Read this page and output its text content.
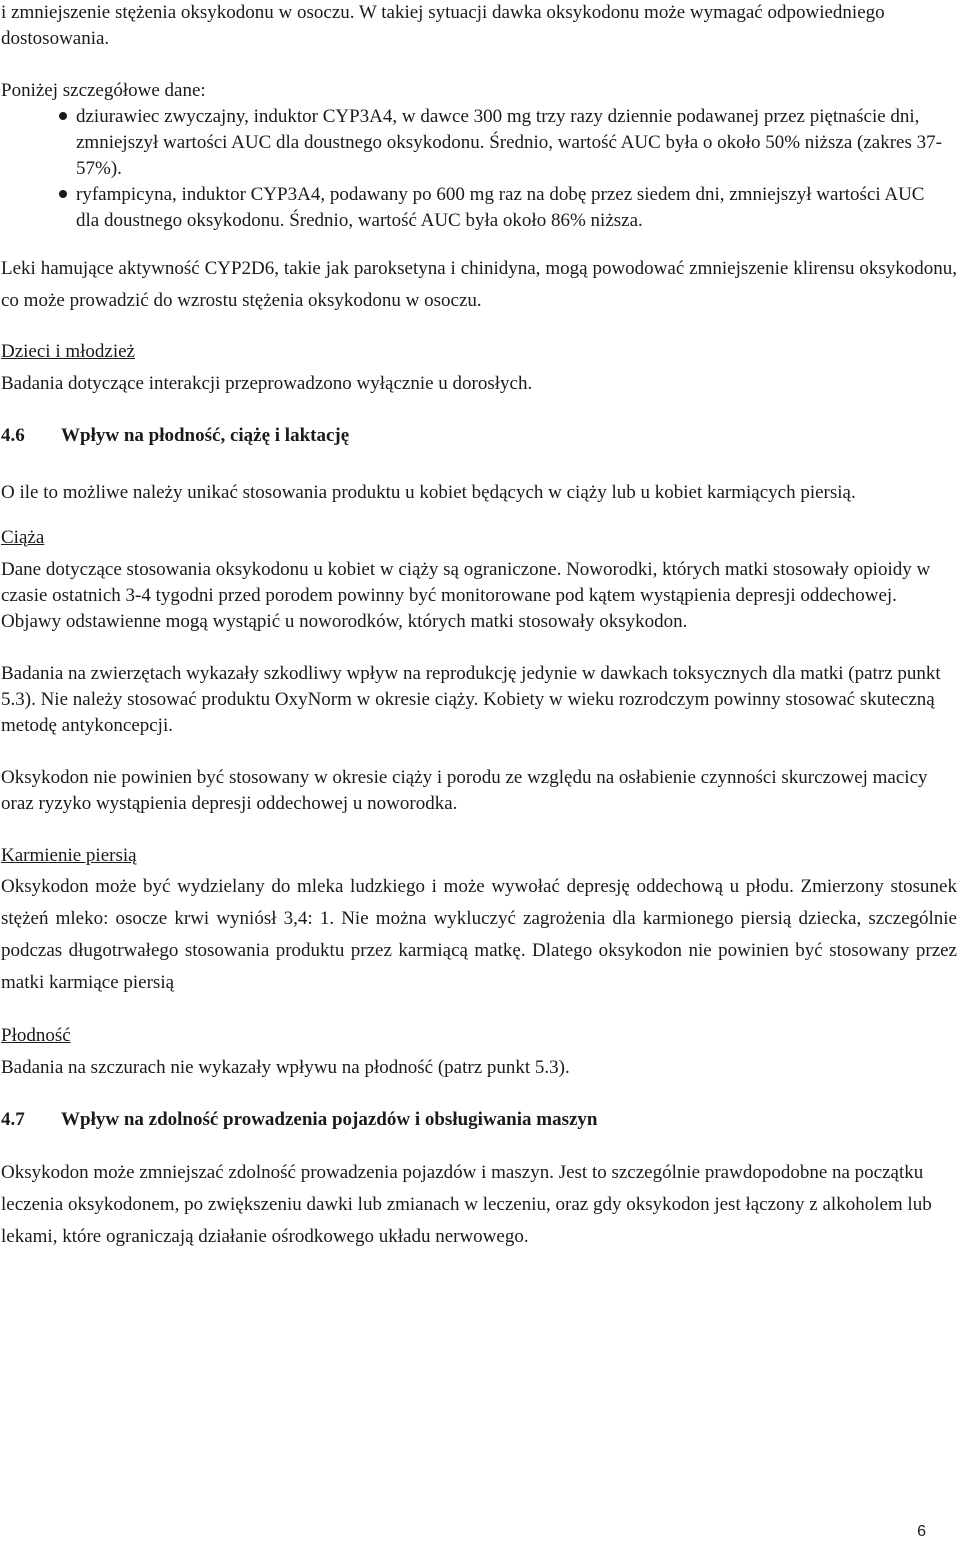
i zmniejszenie stężenia oksykodonu w osoczu. W takiej sytuacji dawka oksykodonu może wymagać odpowiedniego dostosowania.

Poniżej szczegółowe dane:

dziurawiec zwyczajny, induktor CYP3A4, w dawce 300 mg trzy razy dziennie podawanej przez piętnaście dni, zmniejszył wartości AUC dla doustnego oksykodonu. Średnio, wartość AUC była o około 50% niższa (zakres 37-57%).
ryfampicyna, induktor CYP3A4, podawany po 600 mg raz na dobę przez siedem dni, zmniejszył wartości AUC dla doustnego oksykodonu. Średnio, wartość AUC była około 86% niższa.

Leki hamujące aktywność CYP2D6, takie jak paroksetyna i chinidyna, mogą powodować zmniejszenie klirensu oksykodonu, co może prowadzić do wzrostu stężenia oksykodonu w osoczu.

Dzieci i młodzież

Badania dotyczące interakcji przeprowadzono wyłącznie u dorosłych.

4.6	Wpływ na płodność, ciążę i laktację

O ile to możliwe należy unikać stosowania produktu u kobiet będących w ciąży lub u kobiet karmiących piersią.

Ciąża

Dane dotyczące stosowania oksykodonu u kobiet w ciąży są ograniczone. Noworodki, których matki stosowały opioidy w czasie ostatnich 3-4 tygodni przed porodem powinny być monitorowane pod kątem wystąpienia depresji oddechowej. Objawy odstawienne mogą wystąpić u noworodków, których matki stosowały oksykodon.

Badania na zwierzętach wykazały szkodliwy wpływ na reprodukcję jedynie w dawkach toksycznych dla matki (patrz punkt 5.3). Nie należy stosować produktu OxyNorm w okresie ciąży. Kobiety w wieku rozrodczym powinny stosować skuteczną metodę antykoncepcji.

Oksykodon nie powinien być stosowany w okresie ciąży i porodu ze względu na osłabienie czynności skurczowej macicy oraz ryzyko wystąpienia depresji oddechowej u noworodka.

Karmienie piersią

Oksykodon może być wydzielany do mleka ludzkiego i może wywołać depresję oddechową u płodu. Zmierzony stosunek stężeń mleko: osocze krwi wyniósł 3,4: 1. Nie można wykluczyć zagrożenia dla karmionego piersią dziecka, szczególnie podczas długotrwałego stosowania produktu przez karmiącą matkę. Dlatego oksykodon nie powinien być stosowany przez matki karmiące piersią

Płodność

Badania na szczurach nie wykazały wpływu na płodność (patrz punkt 5.3).

4.7	Wpływ na zdolność prowadzenia pojazdów i obsługiwania maszyn

Oksykodon może zmniejszać zdolność prowadzenia pojazdów i maszyn. Jest to szczególnie prawdopodobne na początku leczenia oksykodonem, po zwiększeniu dawki lub zmianach w leczeniu, oraz gdy oksykodon jest łączony z alkoholem lub lekami, które ograniczają działanie ośrodkowego układu nerwowego.

6
